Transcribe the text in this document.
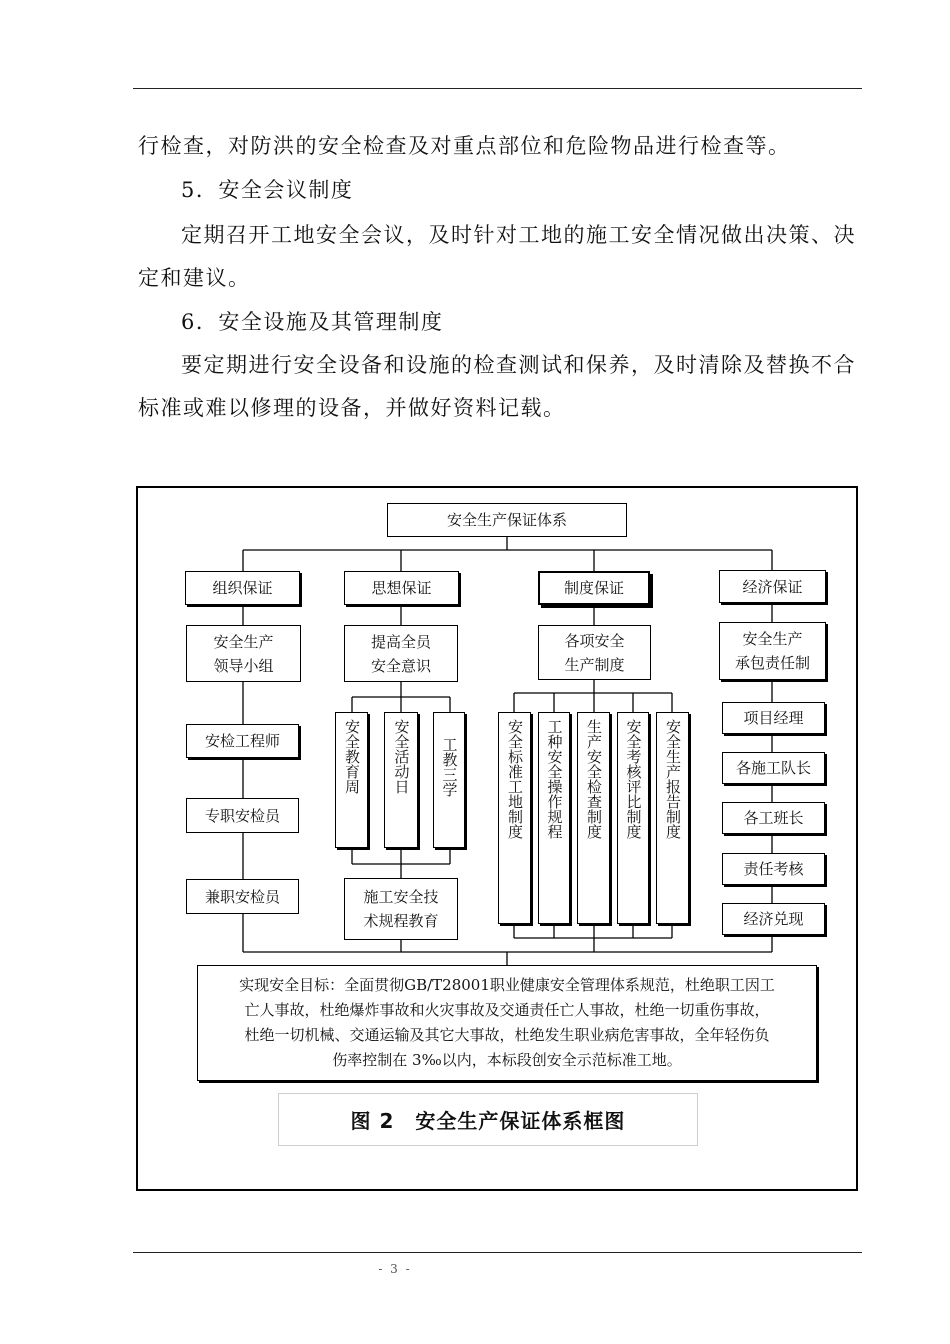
行检查，对防洪的安全检查及对重点部位和危险物品进行检查等。
5．安全会议制度
定期召开工地安全会议，及时针对工地的施工安全情况做出决策、决
定和建议。
6．安全设施及其管理制度
要定期进行安全设备和设施的检查测试和保养，及时清除及替换不合
标准或难以修理的设备，并做好资料记载。
安全生产保证体系
组织保证	思想保证	制度保证	经济保证
安全生产
领导小组
安检工程师
专职安检员
兼职安检员
提高全员
安全意识
安全教育周 安全活动日 工教三学
施工安全技
术规程教育
各项安全
生产制度
安全标准工地制度 工种安全操作规程 生产安全检查制度 安全考核评比制度 安全生产报告制度
安全生产
承包责任制
项目经理
各施工队长
各工班长
责任考核
经济兑现
实现安全目标：全面贯彻GB/T28001职业健康安全管理体系规范，杜绝职工因工
亡人事故，杜绝爆炸事故和火灾事故及交通责任亡人事故，杜绝一切重伤事故，
杜绝一切机械、交通运输及其它大事故，杜绝发生职业病危害事故，全年轻伤负
伤率控制在 3‰以内，本标段创安全示范标准工地。
图 2　安全生产保证体系框图
- 3 -
